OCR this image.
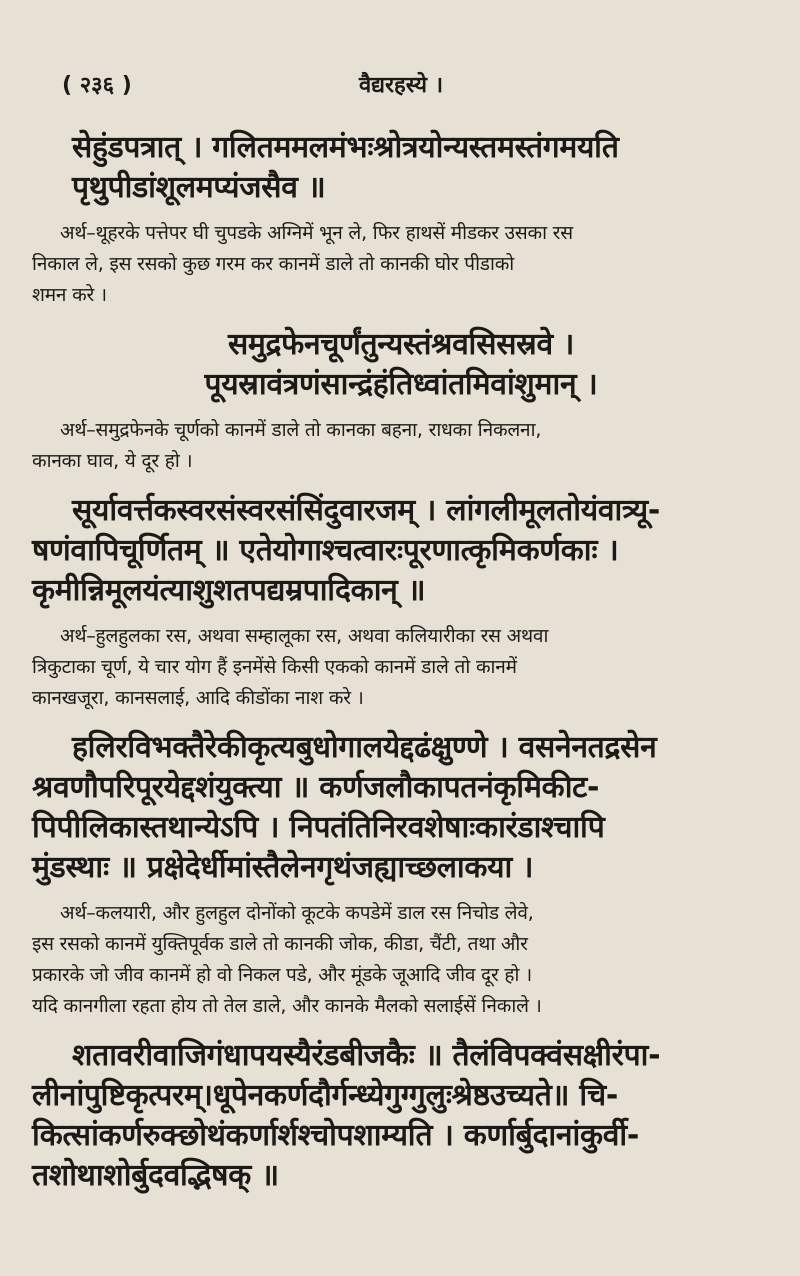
( २३६ )	वैद्यरहस्ये ।
सेहुंडपत्रात् । गलितममलमंभःश्रोत्रयोन्यस्तमस्तंगमयति
पृथुपीडांशूलमप्यंजसैव ॥
अर्थ–थूहरके पत्तेपर घी चुपडके अग्निमें भून ले, फिर हाथसें मीडकर उसका रस
निकाल ले, इस रसको कुछ गरम कर कानमें डाले तो कानकी घोर पीडाको
शमन करे ।
समुद्रफेनचूर्णंतुन्यस्तंश्रवसिसस्रवे ।
पूयस्रावंत्रणंसान्द्रंहंतिध्वांतमिवांशुमान् ।
अर्थ–समुद्रफेनके चूर्णको कानमें डाले तो कानका बहना, राधका निकलना,
कानका घाव, ये दूर हो ।
सूर्यावर्त्तकस्वरसंस्वरसंसिंदुवारजम् । लांगलीमूलतोयंवात्र्यू-
षणंवापिचूर्णितम् ॥ एतेयोगाश्चत्वारःपूरणात्कृमिकर्णकाः ।
कृमीन्निमूलयंत्याशुशतपद्यम्रपादिकान् ॥
अर्थ–हुलहुलका रस, अथवा सम्हालूका रस, अथवा कलियारीका रस अथवा
त्रिकुटाका चूर्ण, ये चार योग हैं इनमेंसे किसी एकको कानमें डाले तो कानमें
कानखजूरा, कानसलाई, आदि कीडोंका नाश करे ।
हलिरविभक्तैरेकीकृत्यबुधोगालयेद्दढंक्षुण्णे । वसनेनतद्रसेन
श्रवणौपरिपूरयेद्दशंयुक्त्या ॥ कर्णजलौकापतनंकृमिकीट-
पिपीलिकास्तथान्येऽपि । निपतंतिनिरवशेषाःकारंडाश्चापि
मुंडस्थाः ॥ प्रक्षेदेर्धीमांस्तैलेनगृथंजह्याच्छलाकया ।
अर्थ–कलयारी, और हुलहुल दोनोंको कूटके कपडेमें डाल रस निचोड लेवे,
इस रसको कानमें युक्तिपूर्वक डाले तो कानकी जोक, कीडा, चैंटी, तथा और
प्रकारके जो जीव कानमें हो वो निकल पडे, और मूंडके जूआदि जीव दूर हो ।
यदि कानगीला रहता होय तो तेल डाले, और कानके मैलको सलाईसें निकाले ।
शतावरीवाजिगंधापयस्यैरंडबीजकैः ॥ तैलंविपक्वंसक्षीरंपा-
लीनांपुष्टिकृत्परम्।धूपेनकर्णदौर्गन्ध्येगुग्गुलुःश्रेष्ठउच्यते॥ चि-
कित्सांकर्णरुक्छोथंकर्णार्शश्चोपशाम्यति । कर्णार्बुदानांकुर्वी-
तशोथाशोर्बुदवद्भिषक् ॥
